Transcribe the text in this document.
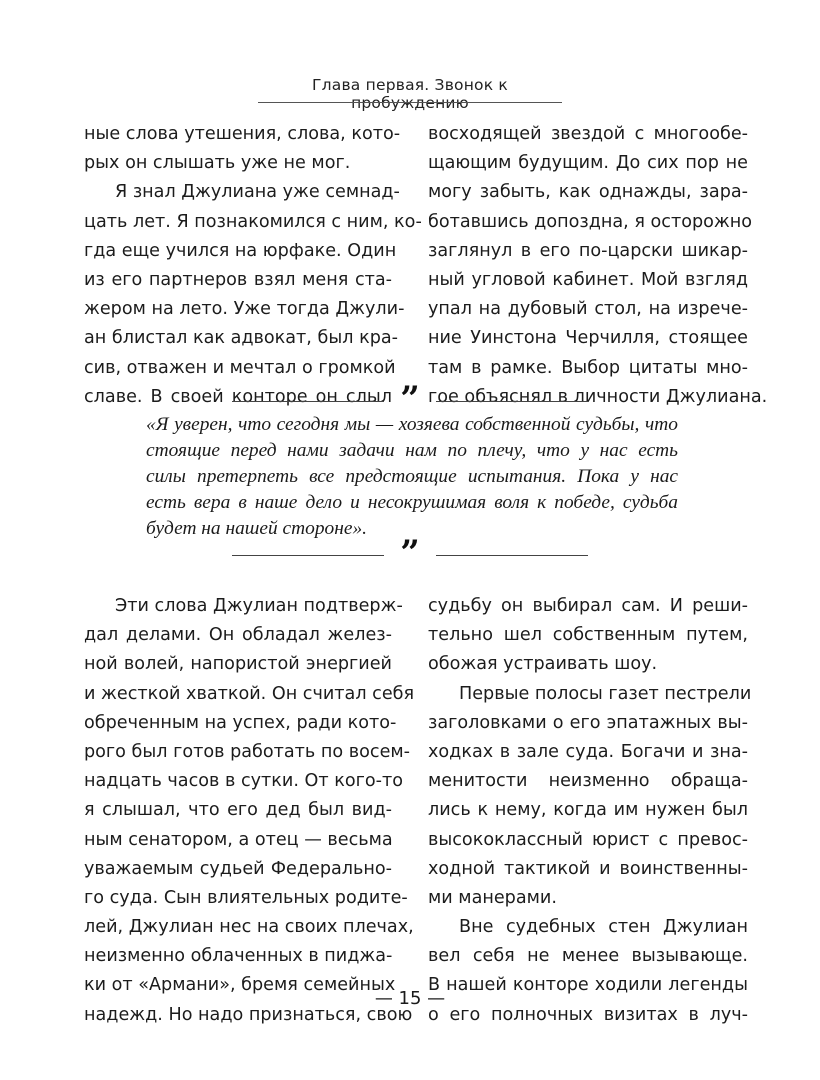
Глава первая. Звонок к пробуждению
ные слова утешения, слова, кото-
рых он слышать уже не мог.
Я знал Джулиана уже семнад-
цать лет. Я познакомился с ним, ко-
гда еще учился на юрфаке. Один
из его партнеров взял меня ста-
жером на лето. Уже тогда Джули-
ан блистал как адвокат, был кра-
сив, отважен и мечтал о громкой
славе. В своей конторе он слыл
восходящей звездой с многообе-
щающим будущим. До сих пор не
могу забыть, как однажды, зара-
ботавшись допоздна, я осторожно
заглянул в его по-царски шикар-
ный угловой кабинет. Мой взгляд
упал на дубовый стол, на изрече-
ние Уинстона Черчилля, стоящее
там в рамке. Выбор цитаты мно-
гое объяснял в личности Джулиана.
”
«Я уверен, что сегодня мы — хозяева собственной судьбы, что
стоящие перед нами задачи нам по плечу, что у нас есть
силы претерпеть все предстоящие испытания. Пока у нас
есть вера в наше дело и несокрушимая воля к победе, судьба
будет на нашей стороне».
”
Эти слова Джулиан подтверж-
дал делами. Он обладал желез-
ной волей, напористой энергией
и жесткой хваткой. Он считал себя
обреченным на успех, ради кото-
рого был готов работать по восем-
надцать часов в сутки. От кого-то
я слышал, что его дед был вид-
ным сенатором, а отец — весьма
уважаемым судьей Федерально-
го суда. Сын влиятельных родите-
лей, Джулиан нес на своих плечах,
неизменно облаченных в пиджа-
ки от «Армани», бремя семейных
надежд. Но надо признаться, свою
судьбу он выбирал сам. И реши-
тельно шел собственным путем,
обожая устраивать шоу.
Первые полосы газет пестрели
заголовками о его эпатажных вы-
ходках в зале суда. Богачи и зна-
менитости неизменно обраща-
лись к нему, когда им нужен был
высококлассный юрист с превос-
ходной тактикой и воинственны-
ми манерами.
Вне судебных стен Джулиан
вел себя не менее вызывающе.
В нашей конторе ходили легенды
о его полночных визитах в луч-
— 15 —
